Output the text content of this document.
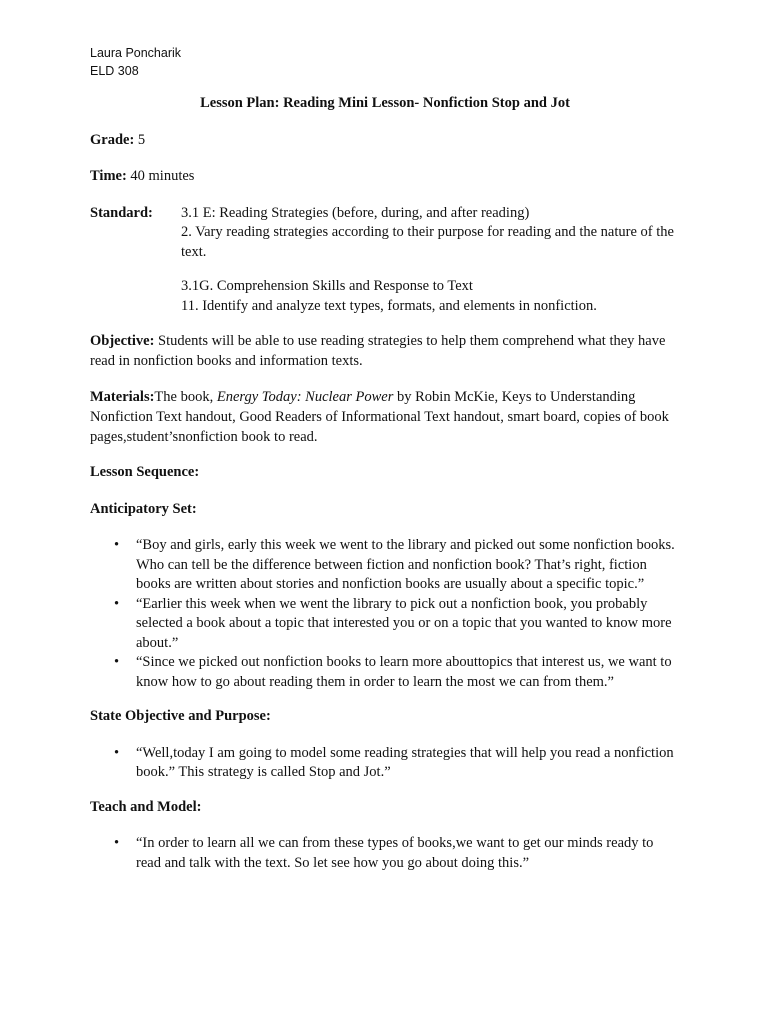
Laura Poncharik
ELD 308

Lesson Plan: Reading Mini Lesson- Nonfiction Stop and Jot

Grade: 5

Time: 40 minutes

Standard:	3.1 E: Reading Strategies (before, during, and after reading)
2. Vary reading strategies according to their purpose for reading and the nature of the text.
3.1G. Comprehension Skills and Response to Text
11. Identify and analyze text types, formats, and elements in nonfiction.

Objective: Students will be able to use reading strategies to help them comprehend what they have read in nonfiction books and information texts.

Materials:The book, Energy Today: Nuclear Power by Robin McKie, Keys to Understanding Nonfiction Text handout, Good Readers of Informational Text handout, smart board, copies of book pages,student’snonfiction book to read.

Lesson Sequence:

Anticipatory Set:

• “Boy and girls, early this week we went to the library and picked out some nonfiction books. Who can tell be the difference between fiction and nonfiction book? That’s right, fiction books are written about stories and nonfiction books are usually about a specific topic.”
• “Earlier this week when we went the library to pick out a nonfiction book, you probably selected a book about a topic that interested you or on a topic that you wanted to know more about.”
• “Since we picked out nonfiction books to learn more abouttopics that interest us, we want to know how to go about reading them in order to learn the most we can from them.”

State Objective and Purpose:

• “Well,today I am going to model some reading strategies that will help you read a nonfiction book.” This strategy is called Stop and Jot.”

Teach and Model:

• “In order to learn all we can from these types of books,we want to get our minds ready to read and talk with the text. So let see how you go about doing this.”
